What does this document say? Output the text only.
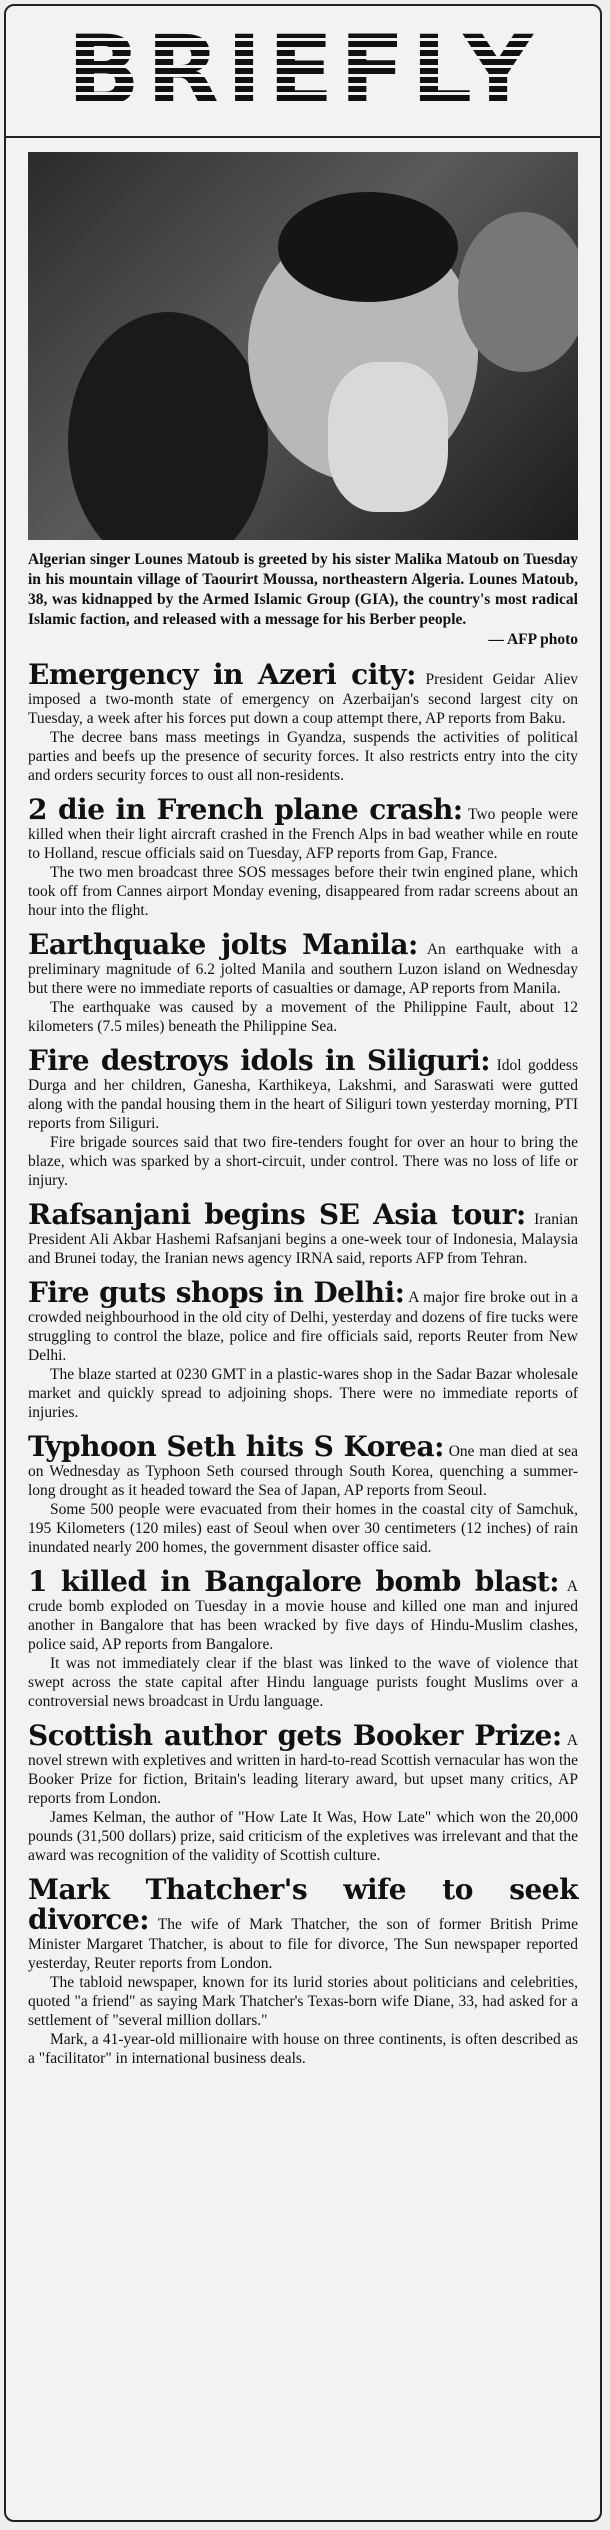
BRIEFLY
Algerian singer Lounes Matoub is greeted by his sister Malika Matoub on Tuesday in his mountain village of Taourirt Moussa, northeastern Algeria. Lounes Matoub, 38, was kidnapped by the Armed Islamic Group (GIA), the country's most radical Islamic faction, and released with a message for his Berber people.
— AFP photo

Emergency in Azeri city: President Geidar Aliev imposed a two-month state of emergency on Azerbaijan's second largest city on Tuesday, a week after his forces put down a coup attempt there, AP reports from Baku.

The decree bans mass meetings in Gyandza, suspends the activities of political parties and beefs up the presence of security forces. It also restricts entry into the city and orders security forces to oust all non-residents.

2 die in French plane crash: Two people were killed when their light aircraft crashed in the French Alps in bad weather while en route to Holland, rescue officials said on Tuesday, AFP reports from Gap, France.

The two men broadcast three SOS messages before their twin engined plane, which took off from Cannes airport Monday evening, disappeared from radar screens about an hour into the flight.

Earthquake jolts Manila: An earthquake with a preliminary magnitude of 6.2 jolted Manila and southern Luzon island on Wednesday but there were no immediate reports of casualties or damage, AP reports from Manila.

The earthquake was caused by a movement of the Philippine Fault, about 12 kilometers (7.5 miles) beneath the Philippine Sea.

Fire destroys idols in Siliguri: Idol goddess Durga and her children, Ganesha, Karthikeya, Lakshmi, and Saraswati were gutted along with the pandal housing them in the heart of Siliguri town yesterday morning, PTI reports from Siliguri.

Fire brigade sources said that two fire-tenders fought for over an hour to bring the blaze, which was sparked by a short-circuit, under control. There was no loss of life or injury.

Rafsanjani begins SE Asia tour: Iranian President Ali Akbar Hashemi Rafsanjani begins a one-week tour of Indonesia, Malaysia and Brunei today, the Iranian news agency IRNA said, reports AFP from Tehran.

Fire guts shops in Delhi: A major fire broke out in a crowded neighbourhood in the old city of Delhi, yesterday and dozens of fire tucks were struggling to control the blaze, police and fire officials said, reports Reuter from New Delhi.

The blaze started at 0230 GMT in a plastic-wares shop in the Sadar Bazar wholesale market and quickly spread to adjoining shops. There were no immediate reports of injuries.

Typhoon Seth hits S Korea: One man died at sea on Wednesday as Typhoon Seth coursed through South Korea, quenching a summer-long drought as it headed toward the Sea of Japan, AP reports from Seoul.

Some 500 people were evacuated from their homes in the coastal city of Samchuk, 195 Kilometers (120 miles) east of Seoul when over 30 centimeters (12 inches) of rain inundated nearly 200 homes, the government disaster office said.

1 killed in Bangalore bomb blast: A crude bomb exploded on Tuesday in a movie house and killed one man and injured another in Bangalore that has been wracked by five days of Hindu-Muslim clashes, police said, AP reports from Bangalore.

It was not immediately clear if the blast was linked to the wave of violence that swept across the state capital after Hindu language purists fought Muslims over a controversial news broadcast in Urdu language.

Scottish author gets Booker Prize: A novel strewn with expletives and written in hard-to-read Scottish vernacular has won the Booker Prize for fiction, Britain's leading literary award, but upset many critics, AP reports from London.

James Kelman, the author of "How Late It Was, How Late" which won the 20,000 pounds (31,500 dollars) prize, said criticism of the expletives was irrelevant and that the award was recognition of the validity of Scottish culture.

Mark Thatcher's wife to seek divorce: The wife of Mark Thatcher, the son of former British Prime Minister Margaret Thatcher, is about to file for divorce, The Sun newspaper reported yesterday, Reuter reports from London.

The tabloid newspaper, known for its lurid stories about politicians and celebrities, quoted "a friend" as saying Mark Thatcher's Texas-born wife Diane, 33, had asked for a settlement of "several million dollars."

Mark, a 41-year-old millionaire with house on three continents, is often described as a "facilitator" in international business deals.
